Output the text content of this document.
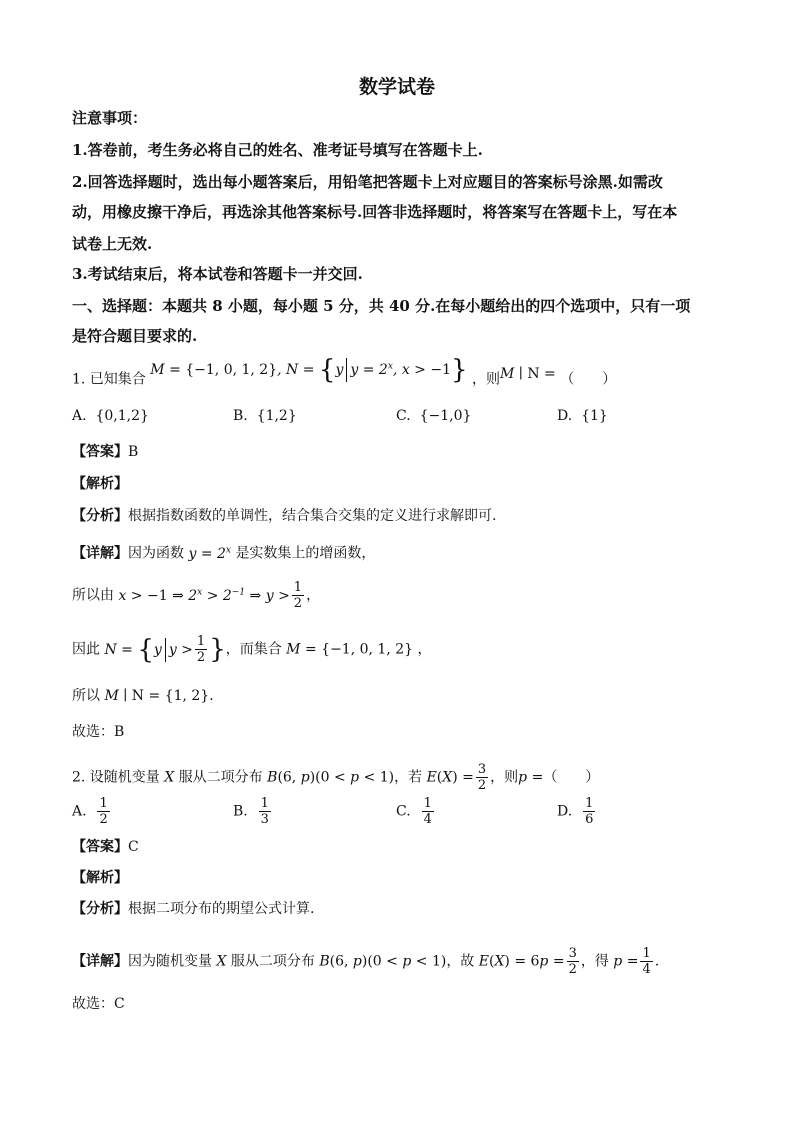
数学试卷
注意事项：
1.答卷前，考生务必将自己的姓名、准考证号填写在答题卡上.
2.回答选择题时，选出每小题答案后，用铅笔把答题卡上对应题目的答案标号涂黑.如需改
动，用橡皮擦干净后，再选涂其他答案标号.回答非选择题时，将答案写在答题卡上，写在本
试卷上无效.
3.考试结束后，将本试卷和答题卡一并交回.
一、选择题：本题共 8 小题，每小题 5 分，共 40 分.在每小题给出的四个选项中，只有一项
是符合题目要求的.
1. 已知集合 M = {−1, 0, 1, 2}, N = {y $y = 2^x$, x > −1} ，则M ∣ N = （　　）
A. {0,1,2}	B. {1,2}	C. {−1,0}	D. {1}
【答案】B
【解析】
【分析】根据指数函数的单调性，结合集合交集的定义进行求解即可.
【详解】因为函数 $y = 2^x$ 是实数集上的增函数，
所以由 x > −1 ⇒ $2^x > 2^{-1}$ ⇒ $y > \frac{1}{2}$ ，
因此 N = {y $y > \frac{1}{2}$ }，而集合 M = {−1, 0, 1, 2} ，
所以 M ∣ N = {1, 2}.
故选：B
2. 设随机变量 X 服从二项分布 B(6, p)(0 < p < 1)，若 $E(X) = \frac{3}{2}$ ，则p =（　　）
A. $\frac{1}{2}$	B. $\frac{1}{3}$	C. $\frac{1}{4}$	D. $\frac{1}{6}$
【答案】C
【解析】
【分析】根据二项分布的期望公式计算.
【详解】因为随机变量 X 服从二项分布 B(6, p)(0 < p < 1)，故 $E(X) = 6p = \frac{3}{2}$ ，得 $p = \frac{1}{4}$ .
故选：C
